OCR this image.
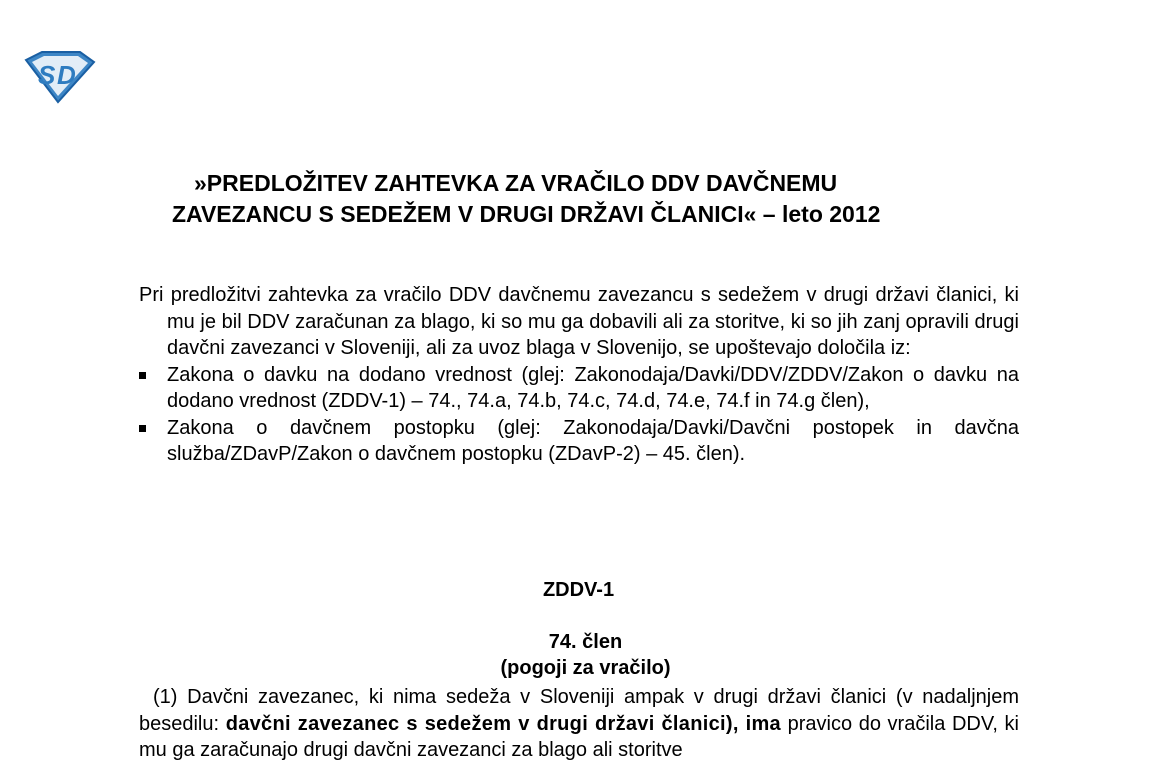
S D
»PREDLOŽITEV ZAHTEVKA ZA VRAČILO DDV DAVČNEMU
ZAVEZANCU S SEDEŽEM V DRUGI DRŽAVI ČLANICI« – leto 2012

Pri predložitvi zahtevka za vračilo DDV davčnemu zavezancu s sedežem v drugi državi članici, ki mu je bil DDV zaračunan za blago, ki so mu ga dobavili ali za storitve, ki so jih zanj opravili drugi davčni zavezanci v Sloveniji, ali za uvoz blaga v Slovenijo, se upoštevajo določila iz:

Zakona o davku na dodano vrednost (glej: Zakonodaja/Davki/DDV/ZDDV/Zakon o davku na dodano vrednost (ZDDV-1) – 74., 74.a, 74.b, 74.c, 74.d, 74.e, 74.f in 74.g člen),
Zakona o davčnem postopku (glej: Zakonodaja/Davki/Davčni postopek in davčna služba/ZDavP/Zakon o davčnem postopku (ZDavP-2) – 45. člen).
ZDDV-1
74. člen
(pogoji za vračilo)

(1) Davčni zavezanec, ki nima sedeža v Sloveniji ampak v drugi državi članici (v nadaljnjem besedilu: davčni zavezanec s sedežem v drugi državi članici), ima pravico do vračila DDV, ki mu ga zaračunajo drugi davčni zavezanci za blago ali storitve
